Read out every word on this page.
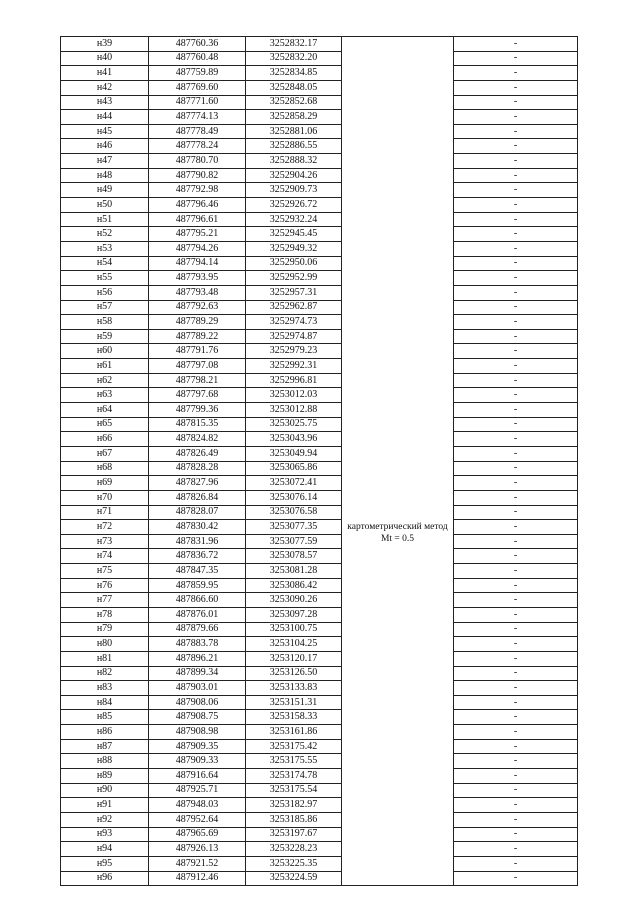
н39	487760.36	3252832.17	картометрический метод Mt = 0.5	-
н40	487760.48	3252832.20		-
н41	487759.89	3252834.85		-
н42	487769.60	3252848.05		-
н43	487771.60	3252852.68		-
н44	487774.13	3252858.29		-
н45	487778.49	3252881.06		-
н46	487778.24	3252886.55		-
н47	487780.70	3252888.32		-
н48	487790.82	3252904.26		-
н49	487792.98	3252909.73		-
н50	487796.46	3252926.72		-
н51	487796.61	3252932.24		-
н52	487795.21	3252945.45		-
н53	487794.26	3252949.32		-
н54	487794.14	3252950.06		-
н55	487793.95	3252952.99		-
н56	487793.48	3252957.31		-
н57	487792.63	3252962.87		-
н58	487789.29	3252974.73		-
н59	487789.22	3252974.87		-
н60	487791.76	3252979.23		-
н61	487797.08	3252992.31		-
н62	487798.21	3252996.81		-
н63	487797.68	3253012.03		-
н64	487799.36	3253012.88		-
н65	487815.35	3253025.75		-
н66	487824.82	3253043.96		-
н67	487826.49	3253049.94		-
н68	487828.28	3253065.86		-
н69	487827.96	3253072.41		-
н70	487826.84	3253076.14		-
н71	487828.07	3253076.58		-
н72	487830.42	3253077.35		-
н73	487831.96	3253077.59		-
н74	487836.72	3253078.57		-
н75	487847.35	3253081.28		-
н76	487859.95	3253086.42		-
н77	487866.60	3253090.26		-
н78	487876.01	3253097.28		-
н79	487879.66	3253100.75		-
н80	487883.78	3253104.25		-
н81	487896.21	3253120.17		-
н82	487899.34	3253126.50		-
н83	487903.01	3253133.83		-
н84	487908.06	3253151.31		-
н85	487908.75	3253158.33		-
н86	487908.98	3253161.86		-
н87	487909.35	3253175.42		-
н88	487909.33	3253175.55		-
н89	487916.64	3253174.78		-
н90	487925.71	3253175.54		-
н91	487948.03	3253182.97		-
н92	487952.64	3253185.86		-
н93	487965.69	3253197.67		-
н94	487926.13	3253228.23		-
н95	487921.52	3253225.35		-
н96	487912.46	3253224.59		-
